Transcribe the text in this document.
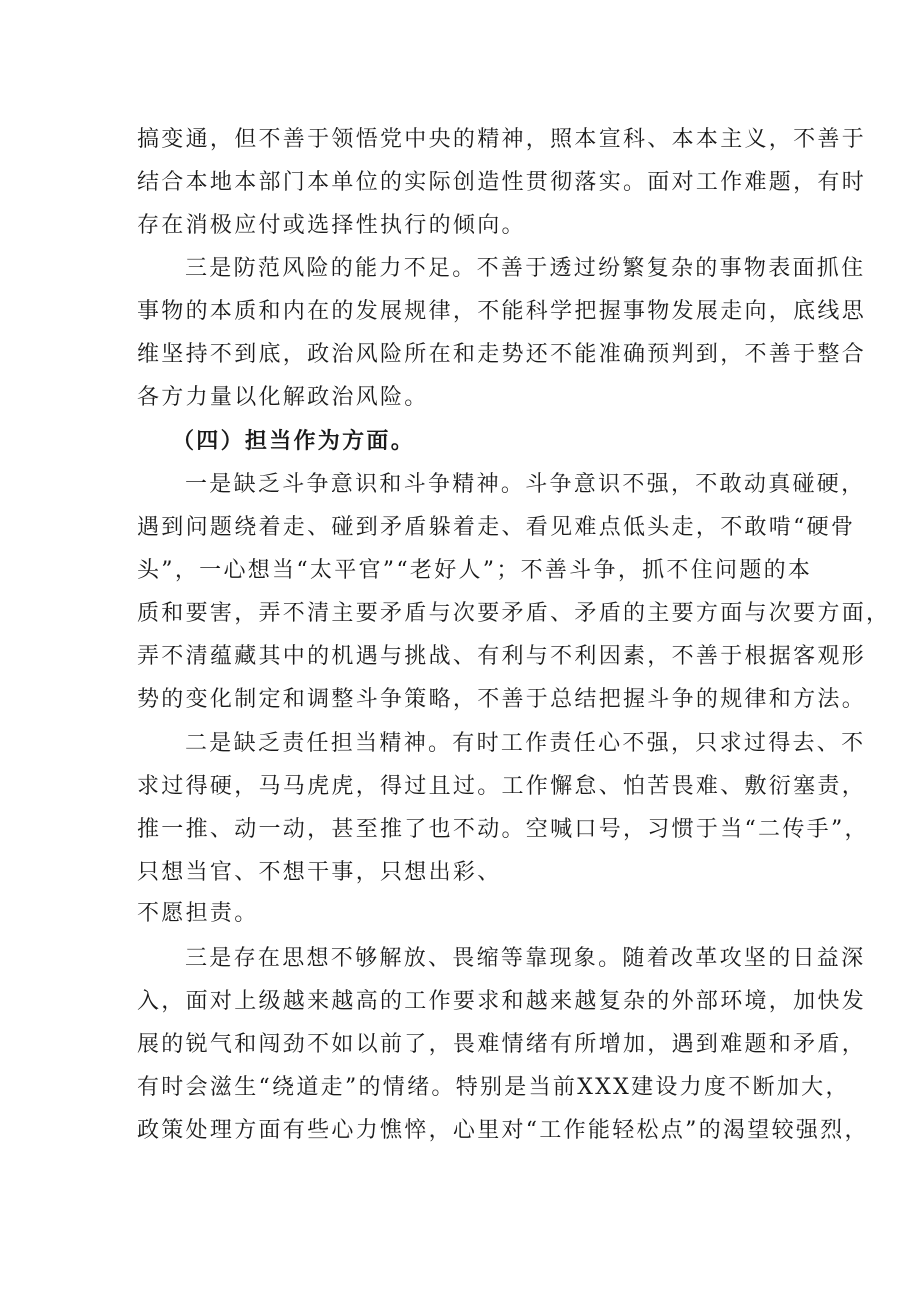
搞变通，但不善于领悟党中央的精神，照本宣科、本本主义，不善于
结合本地本部门本单位的实际创造性贯彻落实。面对工作难题，有时
存在消极应付或选择性执行的倾向。
三是防范风险的能力不足。不善于透过纷繁复杂的事物表面抓住
事物的本质和内在的发展规律，不能科学把握事物发展走向，底线思
维坚持不到底，政治风险所在和走势还不能准确预判到，不善于整合
各方力量以化解政治风险。
（四）担当作为方面。
一是缺乏斗争意识和斗争精神。斗争意识不强，不敢动真碰硬，
遇到问题绕着走、碰到矛盾躲着走、看见难点低头走，不敢啃“硬骨
头”，一心想当“太平官”“老好人”；不善斗争，抓不住问题的本
质和要害，弄不清主要矛盾与次要矛盾、矛盾的主要方面与次要方面，
弄不清蕴藏其中的机遇与挑战、有利与不利因素，不善于根据客观形
势的变化制定和调整斗争策略，不善于总结把握斗争的规律和方法。
二是缺乏责任担当精神。有时工作责任心不强，只求过得去、不
求过得硬，马马虎虎，得过且过。工作懈怠、怕苦畏难、敷衍塞责，
推一推、动一动，甚至推了也不动。空喊口号，习惯于当“二传手”，
只想当官、不想干事，只想出彩、
不愿担责。
三是存在思想不够解放、畏缩等靠现象。随着改革攻坚的日益深
入，面对上级越来越高的工作要求和越来越复杂的外部环境，加快发
展的锐气和闯劲不如以前了，畏难情绪有所增加，遇到难题和矛盾，
有时会滋生“绕道走”的情绪。特别是当前XXX建设力度不断加大，
政策处理方面有些心力憔悴，心里对“工作能轻松点”的渴望较强烈，
